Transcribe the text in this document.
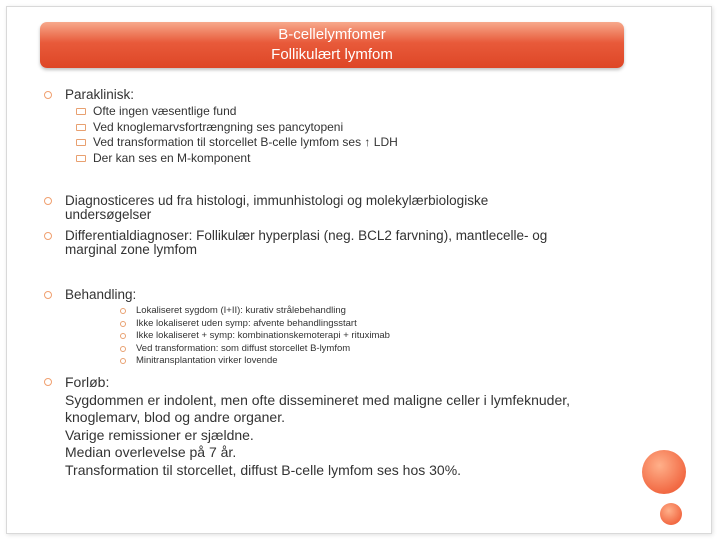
B-cellelymfomer
Follikulært lymfom
Paraklinisk:
Ofte ingen væsentlige fund
Ved knoglemarvsfortrængning ses pancytopeni
Ved transformation til storcellet B-celle lymfom ses ↑ LDH
Der kan ses en M-komponent
Diagnosticeres ud fra histologi, immunhistologi og molekylærbiologiske
undersøgelser
Differentialdiagnoser: Follikulær hyperplasi (neg. BCL2 farvning), mantlecelle- og
marginal zone lymfom
Behandling:
Lokaliseret sygdom (I+II): kurativ strålebehandling
Ikke lokaliseret uden symp: afvente behandlingsstart
Ikke lokaliseret + symp: kombinationskemoterapi + rituximab
Ved transformation: som diffust storcellet B-lymfom
Minitransplantation virker lovende
Forløb:
Sygdommen er indolent, men ofte dissemineret med maligne celler i lymfeknuder,
knoglemarv, blod og andre organer.
Varige remissioner er sjældne.
Median overlevelse på 7 år.
Transformation til storcellet, diffust B-celle lymfom ses hos 30%.
